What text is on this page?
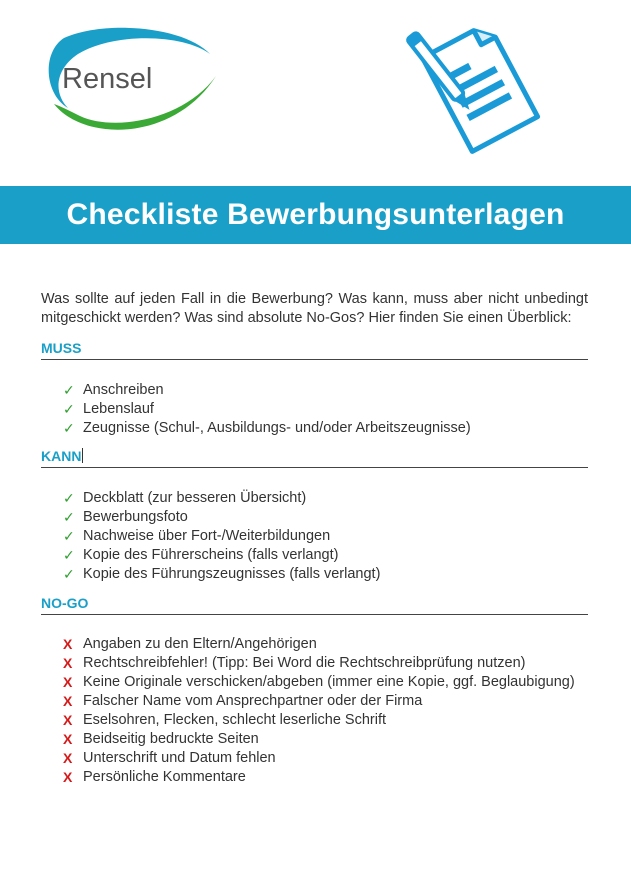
Rensel
Checkliste Bewerbungsunterlagen

Was sollte auf jeden Fall in die Bewerbung? Was kann, muss aber nicht unbedingt mitgeschickt werden? Was sind absolute No-Gos? Hier finden Sie einen Überblick:

MUSS
✓ Anschreiben
✓ Lebenslauf
✓ Zeugnisse (Schul-, Ausbildungs- und/oder Arbeitszeugnisse)
KANN
✓ Deckblatt (zur besseren Übersicht)
✓ Bewerbungsfoto
✓ Nachweise über Fort-/Weiterbildungen
✓ Kopie des Führerscheins (falls verlangt)
✓ Kopie des Führungszeugnisses (falls verlangt)
NO-GO
X Angaben zu den Eltern/Angehörigen
X Rechtschreibfehler! (Tipp: Bei Word die Rechtschreibprüfung nutzen)
X Keine Originale verschicken/abgeben (immer eine Kopie, ggf. Beglaubigung)
X Falscher Name vom Ansprechpartner oder der Firma
X Eselsohren, Flecken, schlecht leserliche Schrift
X Beidseitig bedruckte Seiten
X Unterschrift und Datum fehlen
X Persönliche Kommentare
